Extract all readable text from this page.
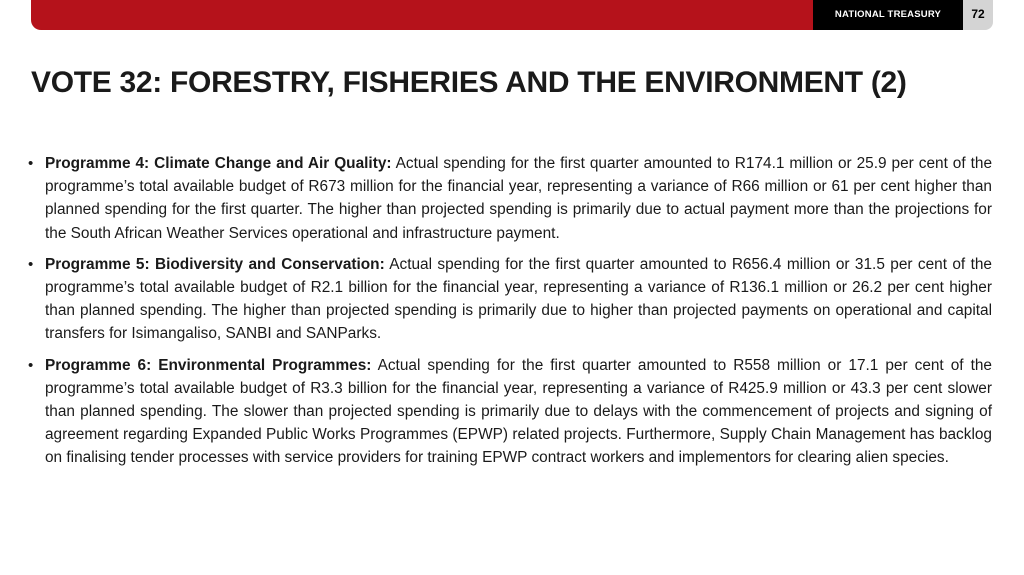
NATIONAL TREASURY	72
VOTE 32: FORESTRY, FISHERIES AND THE ENVIRONMENT (2)
• Programme 4: Climate Change and Air Quality: Actual spending for the first quarter amounted to R174.1 million or 25.9 per cent of the programme’s total available budget of R673 million for the financial year, representing a variance of R66 million or 61 per cent higher than planned spending for the first quarter. The higher than projected spending is primarily due to actual payment more than the projections for the South African Weather Services operational and infrastructure payment.
• Programme 5: Biodiversity and Conservation: Actual spending for the first quarter amounted to R656.4 million or 31.5 per cent of the programme’s total available budget of R2.1 billion for the financial year, representing a variance of R136.1 million or 26.2 per cent higher than planned spending. The higher than projected spending is primarily due to higher than projected payments on operational and capital transfers for Isimangaliso, SANBI and SANParks.
• Programme 6: Environmental Programmes: Actual spending for the first quarter amounted to R558 million or 17.1 per cent of the programme’s total available budget of R3.3 billion for the financial year, representing a variance of R425.9 million or 43.3 per cent slower than planned spending. The slower than projected spending is primarily due to delays with the commencement of projects and signing of agreement regarding Expanded Public Works Programmes (EPWP) related projects. Furthermore, Supply Chain Management has backlog on finalising tender processes with service providers for training EPWP contract workers and implementors for clearing alien species.
